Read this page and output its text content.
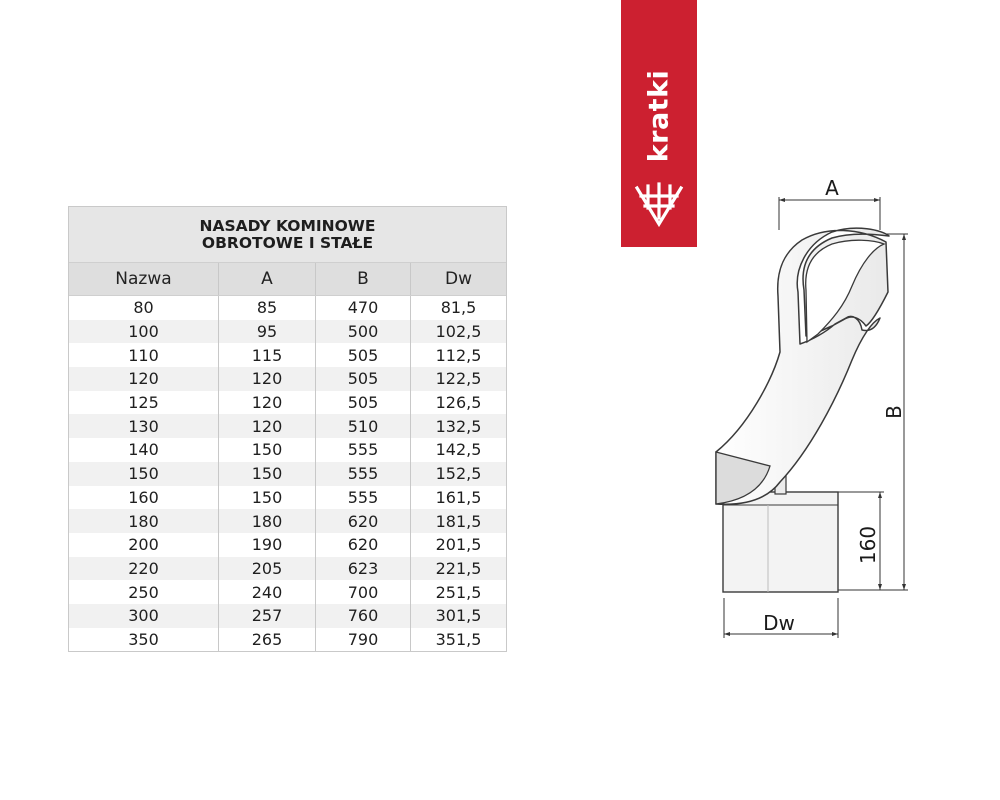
NASADY KOMINOWE
OBROTOWE I STAŁE
Nazwa	A	B	Dw
80	85	470	81,5
100	95	500	102,5
110	115	505	112,5
120	120	505	122,5
125	120	505	126,5
130	120	510	132,5
140	150	555	142,5
150	150	555	152,5
160	150	555	161,5
180	180	620	181,5
200	190	620	201,5
220	205	623	221,5
250	240	700	251,5
300	257	760	301,5
350	265	790	351,5
kratki
A
B
160
Dw
